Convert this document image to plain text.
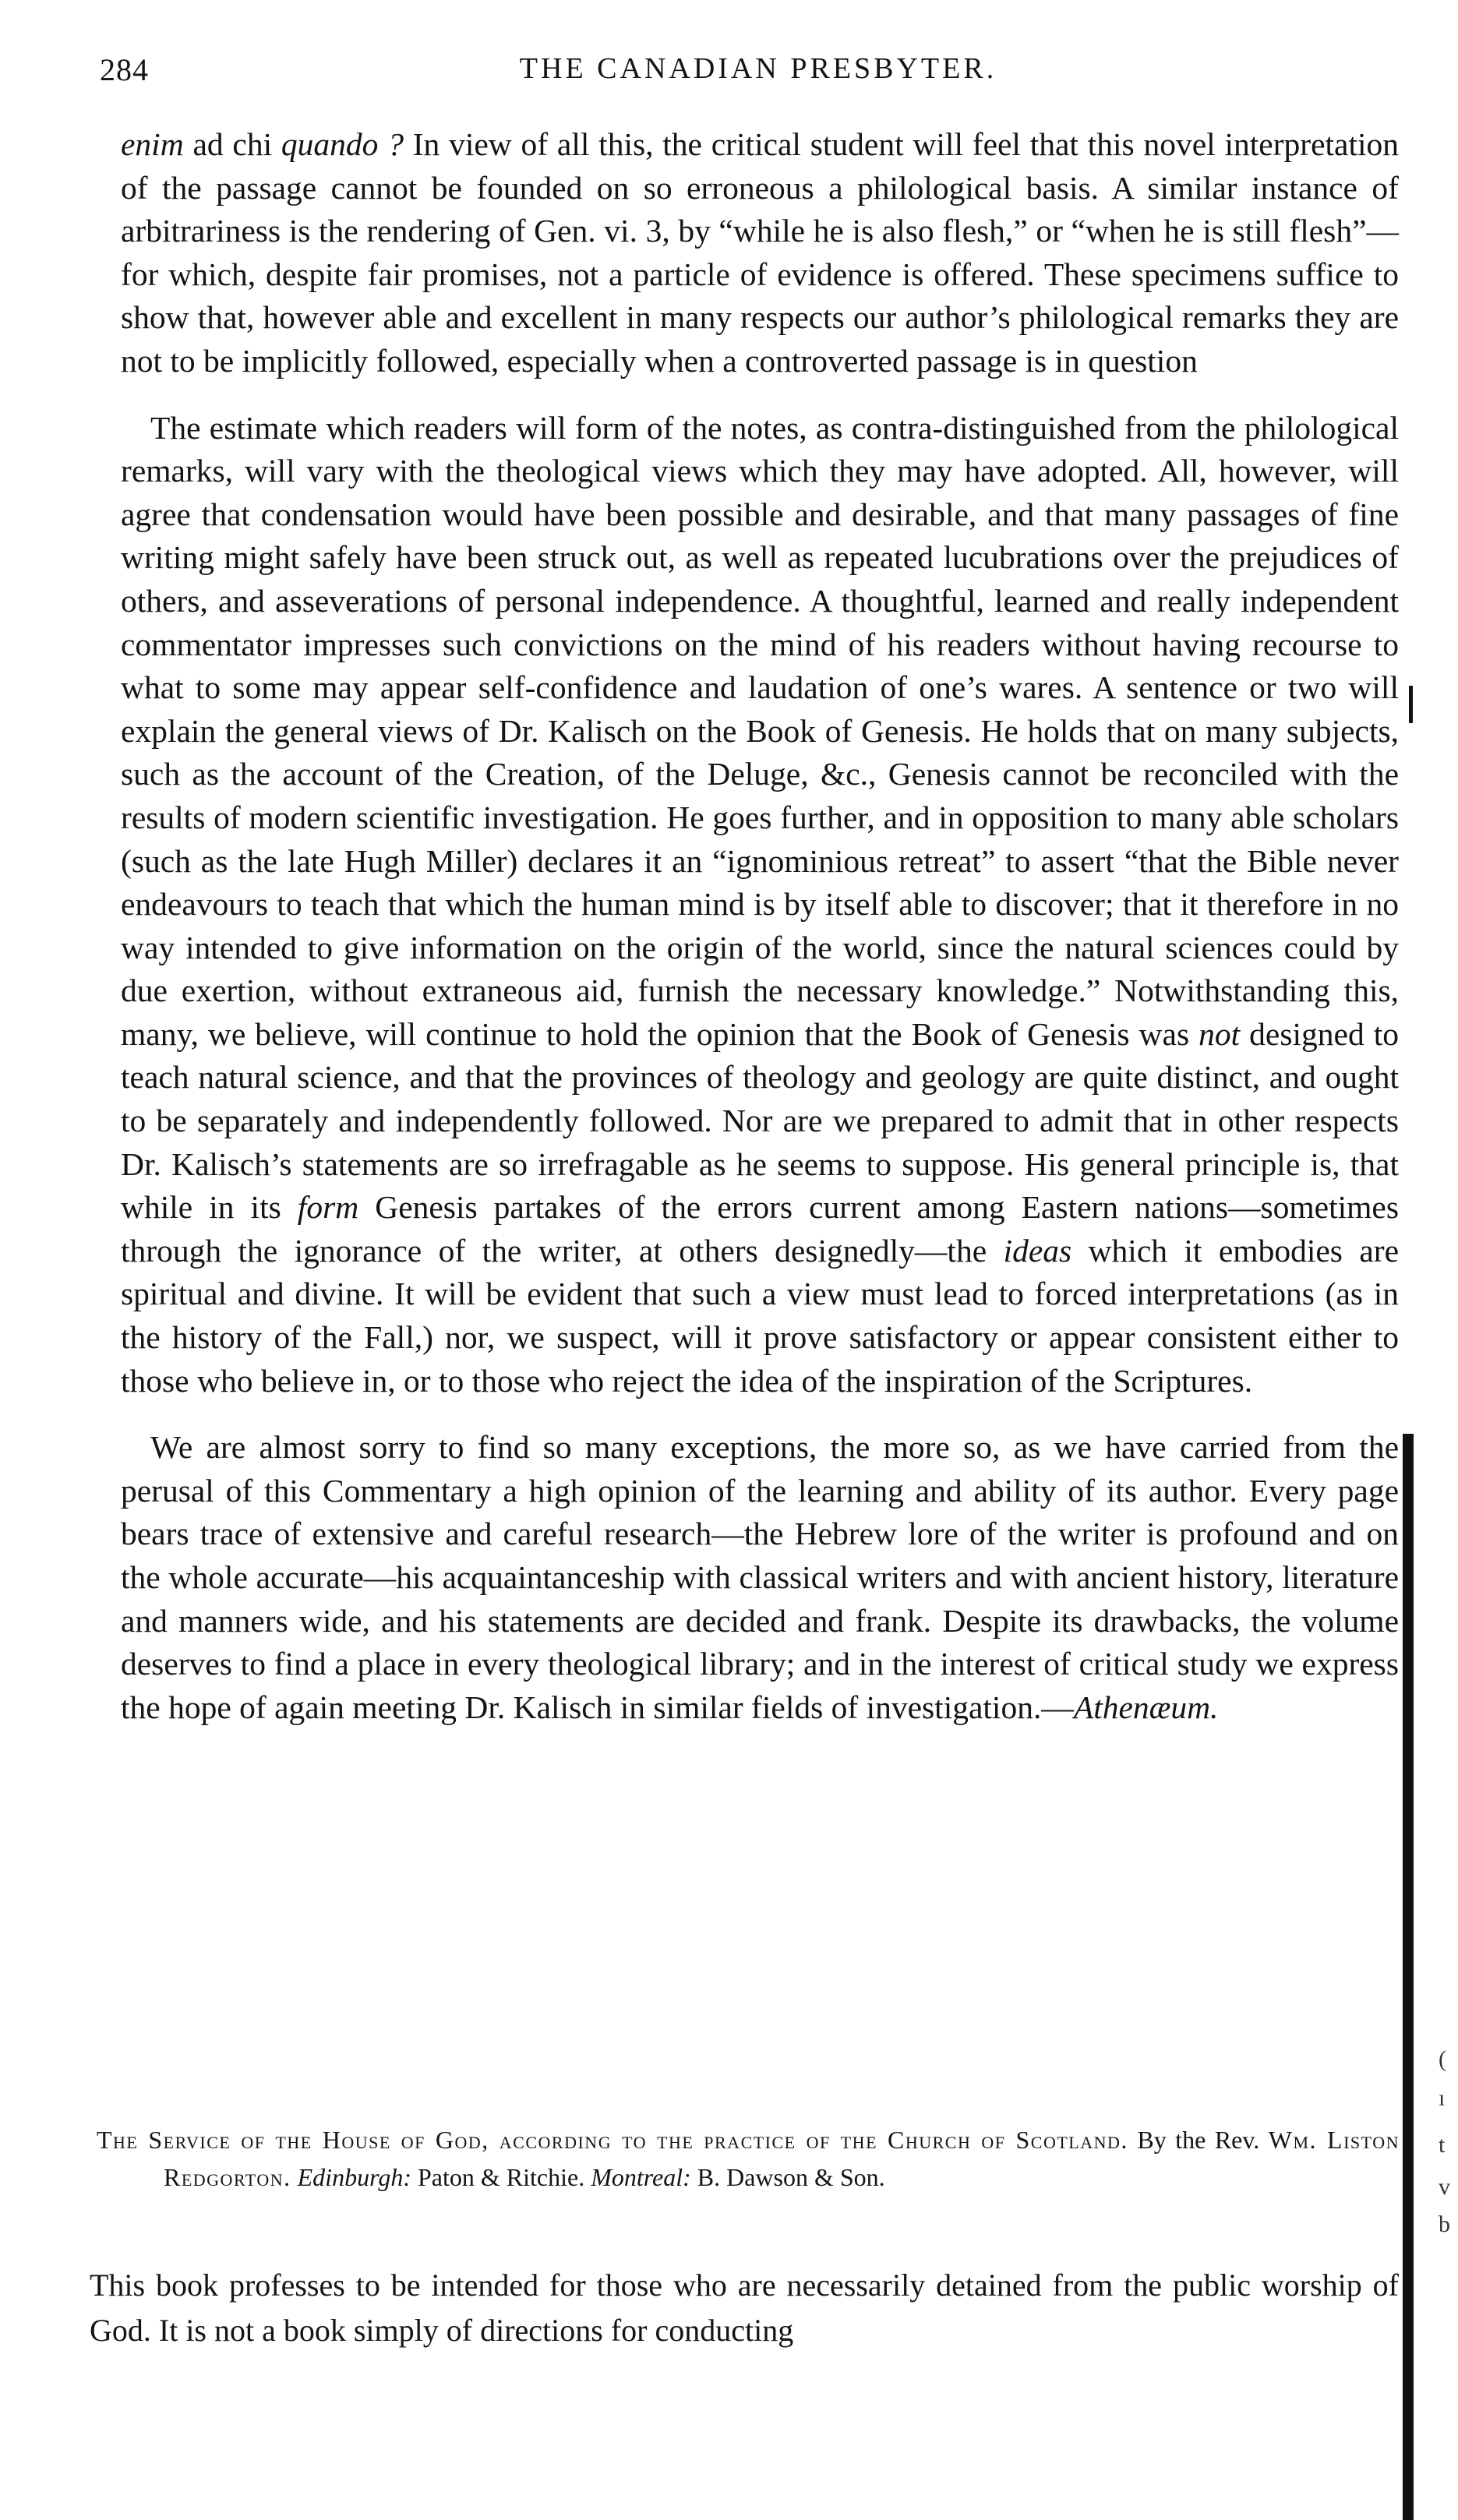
284	THE CANADIAN PRESBYTER.

enim ad chi quando ? In view of all this, the critical student will feel that this novel interpretation of the passage cannot be founded on so erroneous a philological basis. A similar instance of arbitrariness is the rendering of Gen. vi. 3, by “while he is also flesh,” or “when he is still flesh”—for which, despite fair promises, not a particle of evidence is offered. These specimens suffice to show that, however able and excellent in many respects our author’s philological remarks they are not to be implicitly followed, especially when a controverted passage is in question

The estimate which readers will form of the notes, as contra-distinguished from the philological remarks, will vary with the theological views which they may have adopted. All, however, will agree that condensation would have been possible and desirable, and that many passages of fine writing might safely have been struck out, as well as repeated lucubrations over the prejudices of others, and asseverations of personal independence. A thoughtful, learned and really independent commentator impresses such convictions on the mind of his readers without having recourse to what to some may appear self-confidence and laudation of one’s wares. A sentence or two will explain the general views of Dr. Kalisch on the Book of Genesis. He holds that on many subjects, such as the account of the Creation, of the Deluge, &c., Genesis cannot be reconciled with the results of modern scientific investigation. He goes further, and in opposition to many able scholars (such as the late Hugh Miller) declares it an “ignominious retreat” to assert “that the Bible never endeavours to teach that which the human mind is by itself able to discover; that it therefore in no way intended to give information on the origin of the world, since the natural sciences could by due exertion, without extraneous aid, furnish the necessary knowledge.” Notwithstanding this, many, we believe, will continue to hold the opinion that the Book of Genesis was not designed to teach natural science, and that the provinces of theology and geology are quite distinct, and ought to be separately and independently followed. Nor are we prepared to admit that in other respects Dr. Kalisch’s statements are so irrefragable as he seems to suppose. His general principle is, that while in its form Genesis partakes of the errors current among Eastern nations—sometimes through the ignorance of the writer, at others designedly—the ideas which it embodies are spiritual and divine. It will be evident that such a view must lead to forced interpretations (as in the history of the Fall,) nor, we suspect, will it prove satisfactory or appear consistent either to those who believe in, or to those who reject the idea of the inspiration of the Scriptures.

We are almost sorry to find so many exceptions, the more so, as we have carried from the perusal of this Commentary a high opinion of the learning and ability of its author. Every page bears trace of extensive and careful research—the Hebrew lore of the writer is profound and on the whole accurate—his acquaintanceship with classical writers and with ancient history, literature and manners wide, and his statements are decided and frank. Despite its drawbacks, the volume deserves to find a place in every theological library; and in the interest of critical study we express the hope of again meeting Dr. Kalisch in similar fields of investigation.—Athenæum.

The Service of the House of God, according to the practice of the Church of Scotland. By the Rev. Wm. Liston Redgorton. Edinburgh: Paton & Ritchie. Montreal: B. Dawson & Son.

This book professes to be intended for those who are necessarily detained from the public worship of God. It is not a book simply of directions for conducting

(
ı
t
v
b
